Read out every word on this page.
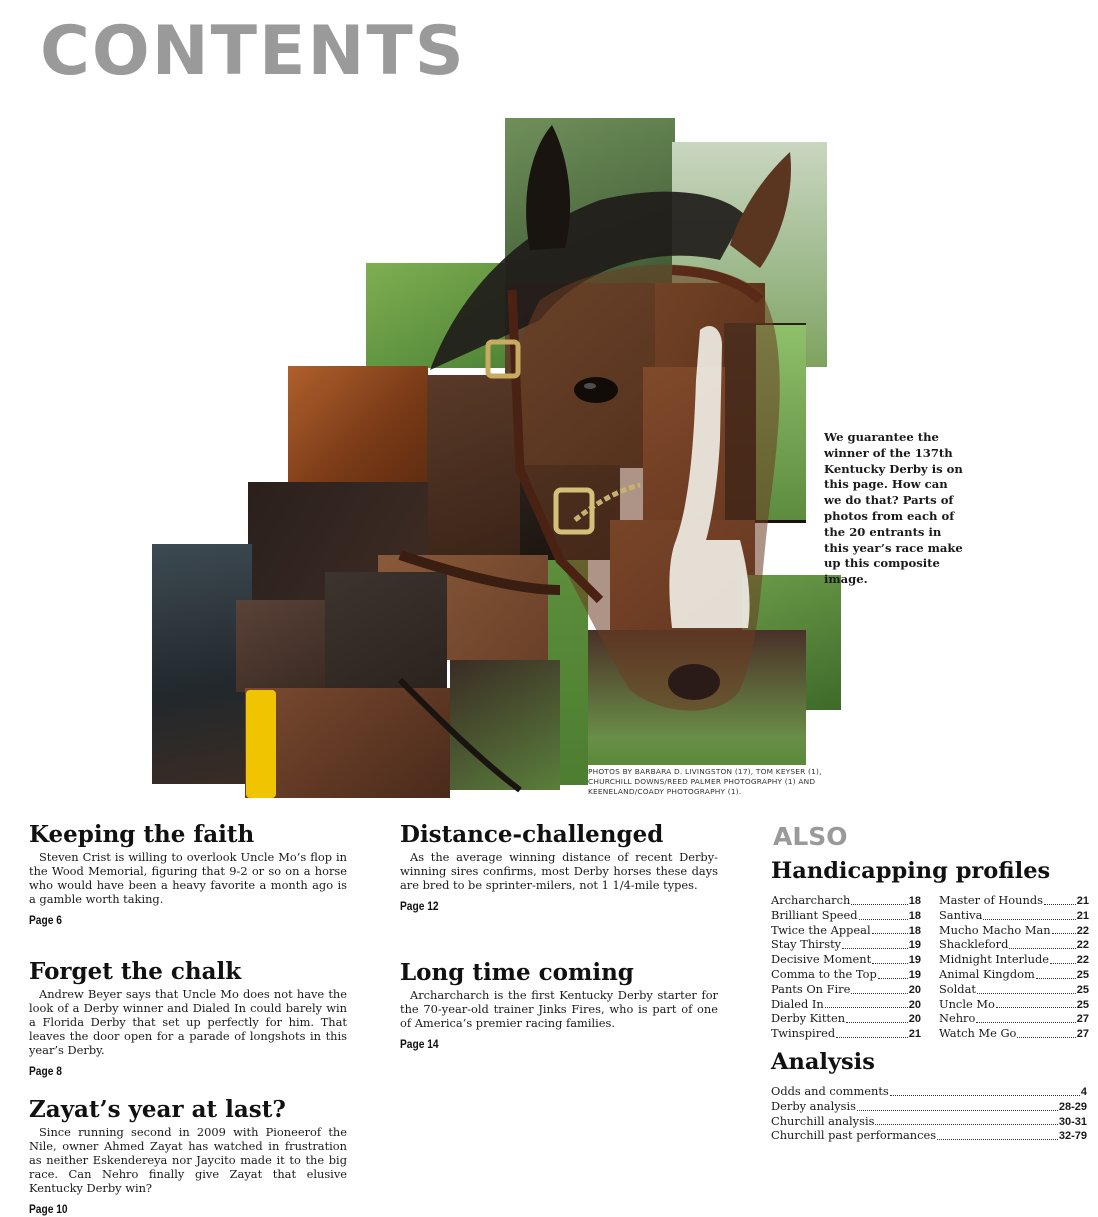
CONTENTS

We guarantee the winner of the 137th Kentucky Derby is on this page. How can we do that? Parts of photos from each of the 20 entrants in this year’s race make up this composite image.

PHOTOS BY BARBARA D. LIVINGSTON (17), TOM KEYSER (1), CHURCHILL DOWNS/REED PALMER PHOTOGRAPHY (1) AND KEENELAND/COADY PHOTOGRAPHY (1).

Keeping the faith

Steven Crist is willing to overlook Uncle Mo’s flop in the Wood Memorial, figuring that 9-2 or so on a horse who would have been a heavy favorite a month ago is a gamble worth taking.

Page 6
Forget the chalk

Andrew Beyer says that Uncle Mo does not have the look of a Derby winner and Dialed In could barely win a Florida Derby that set up perfectly for him. That leaves the door open for a parade of longshots in this year’s Derby.

Page 8
Zayat’s year at last?

Since running second in 2009 with Pioneerof the Nile, owner Ahmed Zayat has watched in frustration as neither Eskendereya nor Jaycito made it to the big race. Can Nehro finally give Zayat that elusive Kentucky Derby win?

Page 10
Distance-challenged

As the average winning distance of recent Derby-winning sires confirms, most Derby horses these days are bred to be sprinter-milers, not 1 1/4-mile types.

Page 12
Long time coming

Archarcharch is the first Kentucky Derby starter for the 70-year-old trainer Jinks Fires, who is part of one of America’s premier racing families.

Page 14
ALSO
Handicapping profiles
Archarcharch	18
Brilliant Speed	18
Twice the Appeal	18
Stay Thirsty	19
Decisive Moment	19
Comma to the Top	19
Pants On Fire	20
Dialed In	20
Derby Kitten	20
Twinspired	21
Master of Hounds	21
Santiva	21
Mucho Macho Man 22
Shackleford	22
Midnight Interlude	22
Animal Kingdom	25
Soldat	25
Uncle Mo	25
Nehro	27
Watch Me Go	27
Analysis
Odds and comments	4
Derby analysis	28-29
Churchill analysis	30-31
Churchill past performances	32-79
